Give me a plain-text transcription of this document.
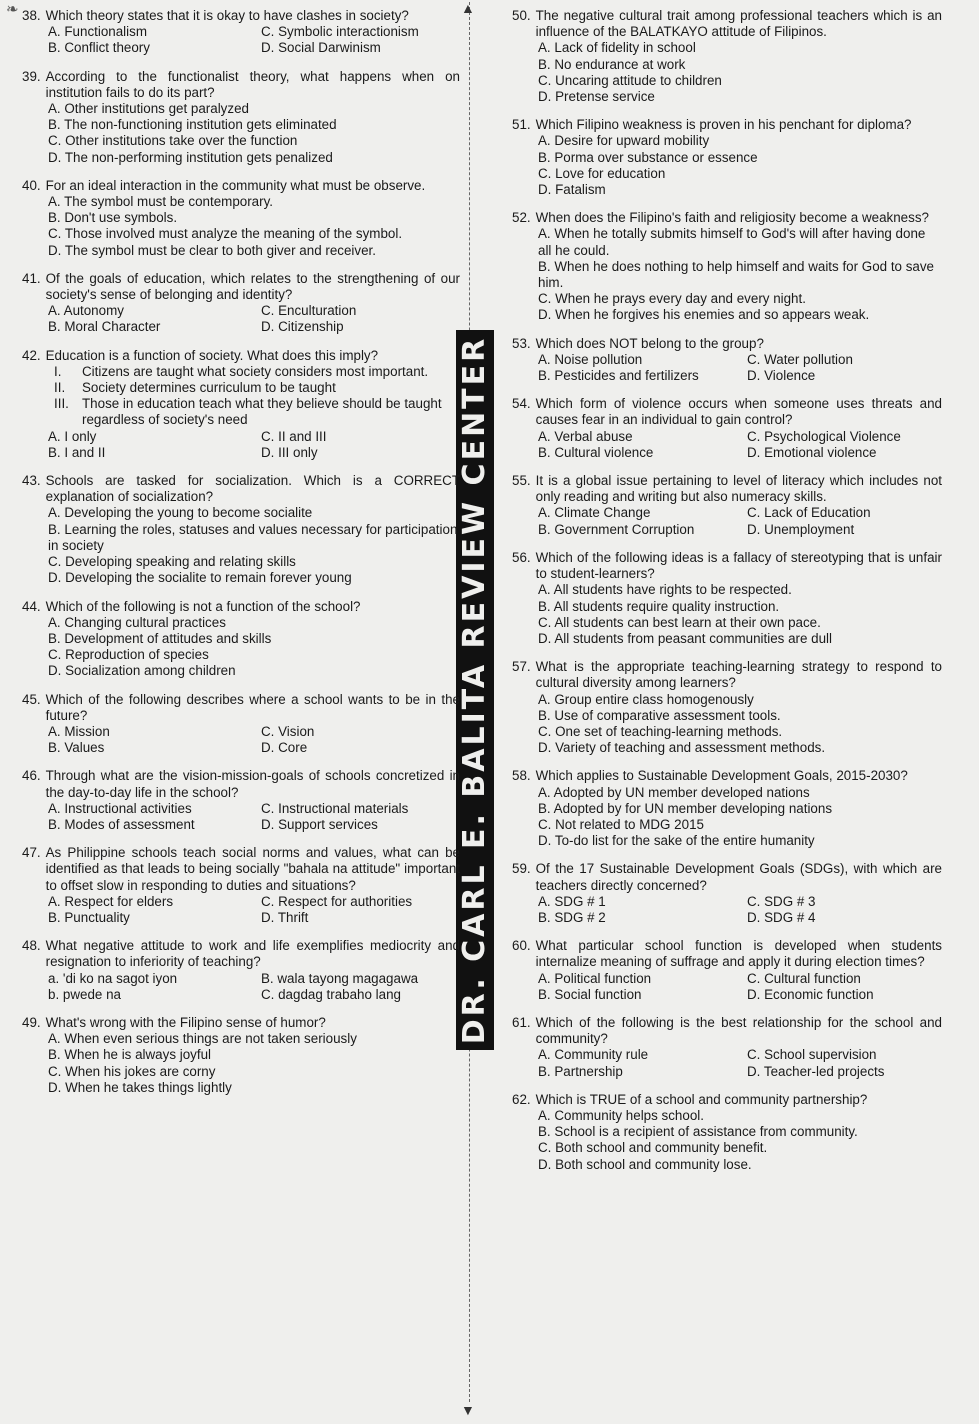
❧	▲
▼
DR. CARL E. BALITA REVIEW CENTER
38. Which theory states that it is okay to have clashes in society?
A. Functionalism	C. Symbolic interactionism
B. Conflict theory	D. Social Darwinism
39. According to the functionalist theory, what happens when on institution fails to do its part?
A. Other institutions get paralyzed
B. The non-functioning institution gets eliminated
C. Other institutions take over the function
D. The non-performing institution gets penalized
40. For an ideal interaction in the community what must be observe.
A. The symbol must be contemporary.
B. Don't use symbols.
C. Those involved must analyze the meaning of the symbol.
D. The symbol must be clear to both giver and receiver.
41. Of the goals of education, which relates to the strengthening of our society's sense of belonging and identity?
A. Autonomy	C. Enculturation
B. Moral Character	D. Citizenship
42. Education is a function of society. What does this imply?
I.	Citizens are taught what society considers most important.
II.	Society determines curriculum to be taught
III. Those in education teach what they believe should be taught regardless of society's need
A. I only	C. II and III
B. I and II	D. III only
43. Schools are tasked for socialization. Which is a CORRECT explanation of socialization?
A. Developing the young to become socialite
B. Learning the roles, statuses and values necessary for participation in society
C. Developing speaking and relating skills
D. Developing the socialite to remain forever young
44. Which of the following is not a function of the school?
A. Changing cultural practices
B. Development of attitudes and skills
C. Reproduction of species
D. Socialization among children
45. Which of the following describes where a school wants to be in the future?
A. Mission	C. Vision
B. Values	D. Core
46. Through what are the vision-mission-goals of schools concretized in the day-to-day life in the school?
A. Instructional activities	C. Instructional materials
B. Modes of assessment	D. Support services
47. As Philippine schools teach social norms and values, what can be identified as that leads to being socially "bahala na attitude" important to offset slow in responding to duties and situations?
A. Respect for elders	C. Respect for authorities
B. Punctuality	D. Thrift
48. What negative attitude to work and life exemplifies mediocrity and resignation to inferiority of teaching?
a. 'di ko na sagot iyon	B. wala tayong magagawa
b. pwede na	C. dagdag trabaho lang
49. What's wrong with the Filipino sense of humor?
A. When even serious things are not taken seriously
B. When he is always joyful
C. When his jokes are corny
D. When he takes things lightly
50. The negative cultural trait among professional teachers which is an influence of the BALATKAYO attitude of Filipinos.
A. Lack of fidelity in school
B. No endurance at work
C. Uncaring attitude to children
D. Pretense service
51. Which Filipino weakness is proven in his penchant for diploma?
A. Desire for upward mobility
B. Porma over substance or essence
C. Love for education
D. Fatalism
52. When does the Filipino's faith and religiosity become a weakness?
A. When he totally submits himself to God's will after having done all he could.
B. When he does nothing to help himself and waits for God to save him.
C. When he prays every day and every night.
D. When he forgives his enemies and so appears weak.
53. Which does NOT belong to the group?
A. Noise pollution	C. Water pollution
B. Pesticides and fertilizers	D. Violence
54. Which form of violence occurs when someone uses threats and causes fear in an individual to gain control?
A. Verbal abuse	C. Psychological Violence
B. Cultural violence	D. Emotional violence
55. It is a global issue pertaining to level of literacy which includes not only reading and writing but also numeracy skills.
A. Climate Change	C. Lack of Education
B. Government Corruption	D. Unemployment
56. Which of the following ideas is a fallacy of stereotyping that is unfair to student-learners?
A. All students have rights to be respected.
B. All students require quality instruction.
C. All students can best learn at their own pace.
D. All students from peasant communities are dull
57. What is the appropriate teaching-learning strategy to respond to cultural diversity among learners?
A. Group entire class homogenously
B. Use of comparative assessment tools.
C. One set of teaching-learning methods.
D. Variety of teaching and assessment methods.
58. Which applies to Sustainable Development Goals, 2015-2030?
A. Adopted by UN member developed nations
B. Adopted by for UN member developing nations
C. Not related to MDG 2015
D. To-do list for the sake of the entire humanity
59. Of the 17 Sustainable Development Goals (SDGs), with which are teachers directly concerned?
A. SDG # 1	C. SDG # 3
B. SDG # 2	D. SDG # 4
60. What particular school function is developed when students internalize meaning of suffrage and apply it during election times?
A. Political function	C. Cultural function
B. Social function	D. Economic function
61. Which of the following is the best relationship for the school and community?
A. Community rule	C. School supervision
B. Partnership	D. Teacher-led projects
62. Which is TRUE of a school and community partnership?
A. Community helps school.
B. School is a recipient of assistance from community.
C. Both school and community benefit.
D. Both school and community lose.
